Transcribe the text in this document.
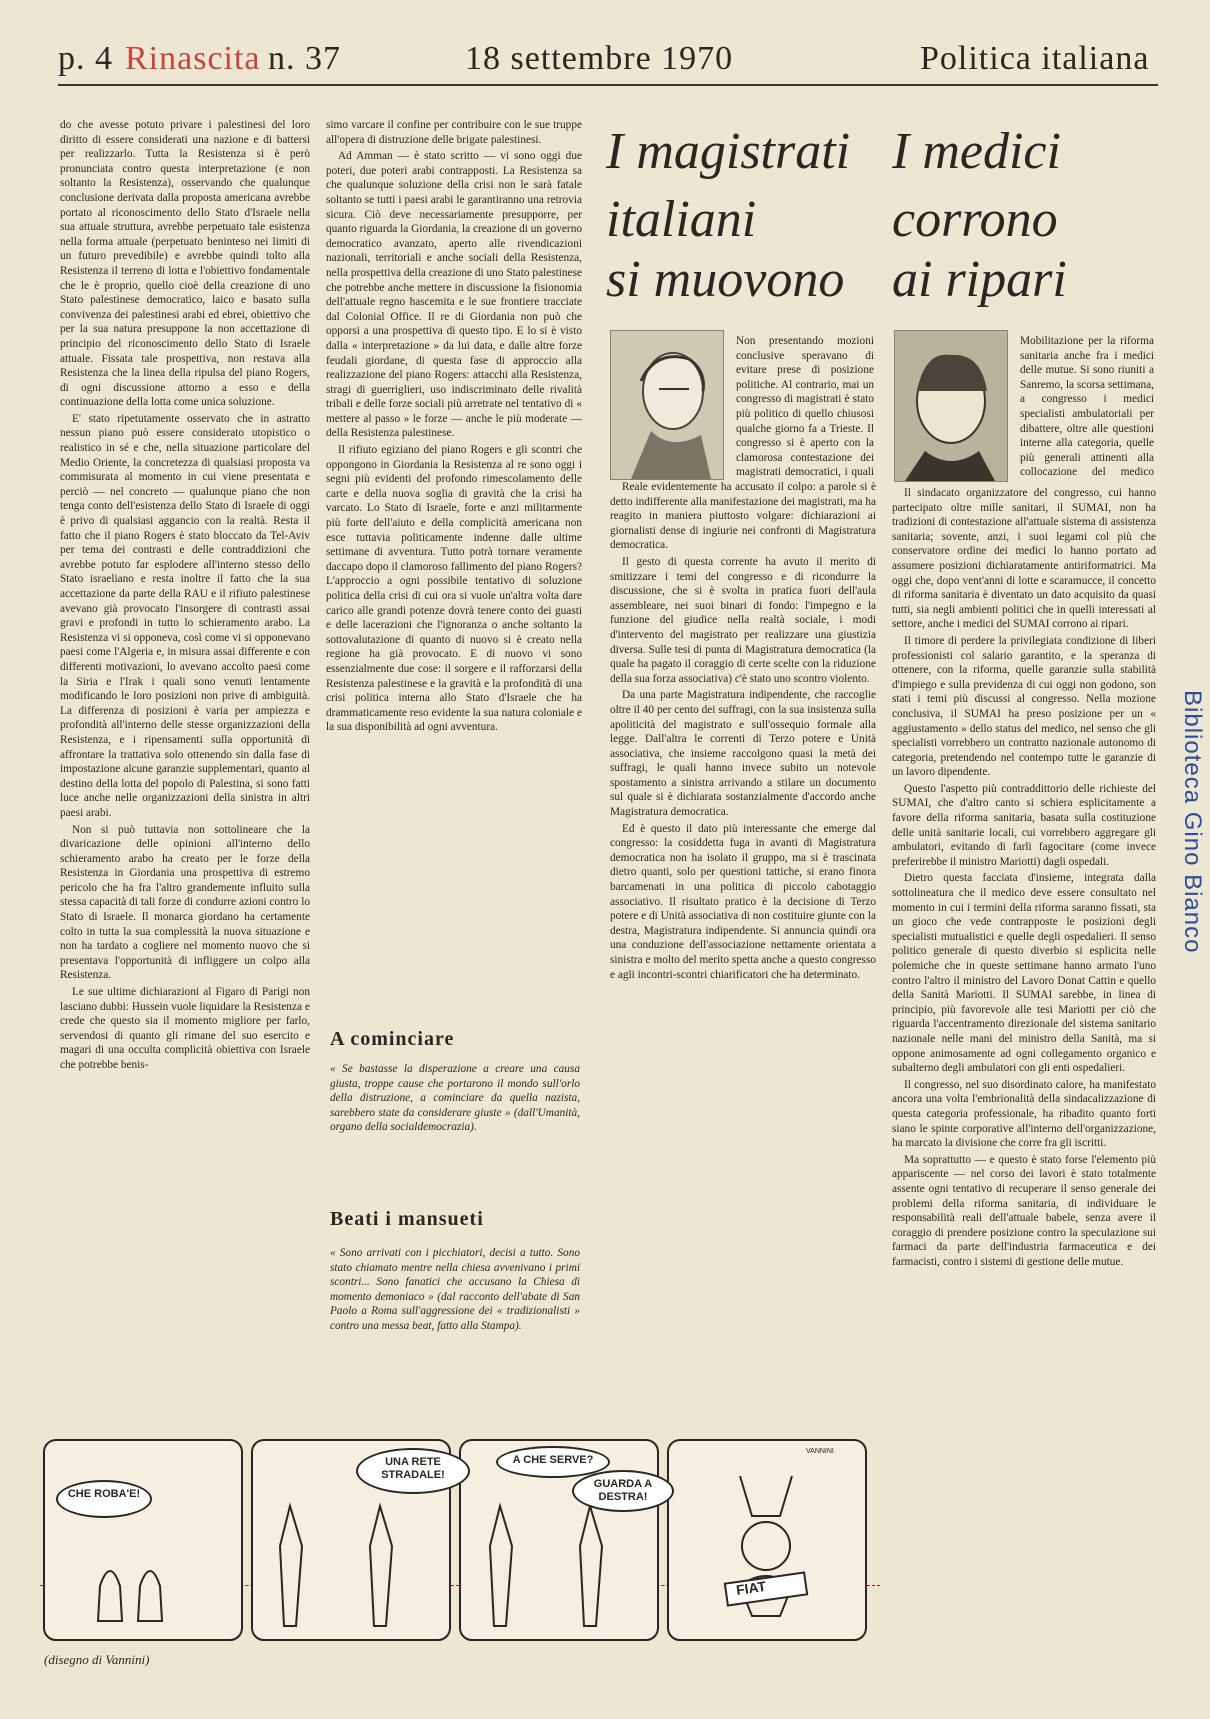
p. 4 Rinascita n. 37	18 settembre 1970	Politica italiana

do che avesse potuto privare i palestinesi del loro diritto di essere considerati una nazione e di battersi per realizzarlo. Tutta la Resistenza si è però pronunciata contro questa interpretazione (e non soltanto la Resistenza), osservando che qualunque conclusione derivata dalla proposta americana avrebbe portato al riconoscimento dello Stato d'Israele nella sua attuale struttura, avrebbe perpetuato tale esistenza nella forma attuale (perpetuato beninteso nei limiti di un futuro prevedibile) e avrebbe quindi tolto alla Resistenza il terreno di lotta e l'obiettivo fondamentale che le è proprio, quello cioè della creazione di uno Stato palestinese democratico, laico e basato sulla convivenza dei palestinesi arabi ed ebrei, obiettivo che per la sua natura presuppone la non accettazione di principio del riconoscimento dello Stato di Israele attuale. Fissata tale prospettiva, non restava alla Resistenza che la linea della ripulsa del piano Rogers, di ogni discussione attorno a esso e della continuazione della lotta come unica soluzione.

E' stato ripetutamente osservato che in astratto nessun piano può essere considerato utopistico o realistico in sé e che, nella situazione particolare del Medio Oriente, la concretezza di qualsiasi proposta va commisurata al momento in cui viene presentata e perciò — nel concreto — qualunque piano che non tenga conto dell'esistenza dello Stato di Israele di oggi è privo di qualsiasi aggancio con la realtà. Resta il fatto che il piano Rogers è stato bloccato da Tel-Aviv per tema dei contrasti e delle contraddizioni che avrebbe potuto far esplodere all'interno stesso dello Stato israeliano e resta inoltre il fatto che la sua accettazione da parte della RAU e il rifiuto palestinese avevano già provocato l'insorgere di contrasti assai gravi e profondi in tutto lo schieramento arabo. La Resistenza vi si opponeva, così come vi si opponevano paesi come l'Algeria e, in misura assai differente e con differenti motivazioni, lo avevano accolto paesi come la Siria e l'Irak i quali sono venuti lentamente modificando le loro posizioni non prive di ambiguità. La differenza di posizioni è varia per ampiezza e profondità all'interno delle stesse organizzazioni della Resistenza, e i ripensamenti sulla opportunità di affrontare la trattativa solo ottenendo sin dalla fase di impostazione alcune garanzie supplementari, quanto al destino della lotta del popolo di Palestina, si sono fatti luce anche nelle organizzazioni della sinistra in altri paesi arabi.

Non si può tuttavia non sottolineare che la divaricazione delle opinioni all'interno dello schieramento arabo ha creato per le forze della Resistenza in Giordania una prospettiva di estremo pericolo che ha fra l'altro grandemente influito sulla stessa capacità di tali forze di condurre azioni contro lo Stato di Israele. Il monarca giordano ha certamente colto in tutta la sua complessità la nuova situazione e non ha tardato a cogliere nel momento nuovo che si presentava l'opportunità di infliggere un colpo alla Resistenza.

Le sue ultime dichiarazioni al Figaro di Parigi non lasciano dubbi: Hussein vuole liquidare la Resistenza e crede che questo sia il momento migliore per farlo, servendosi di quanto gli rimane del suo esercito e magari di una occulta complicità obiettiva con Israele che potrebbe benis-

simo varcare il confine per contribuire con le sue truppe all'opera di distruzione delle brigate palestinesi.

Ad Amman — è stato scritto — vi sono oggi due poteri, due poteri arabi contrapposti. La Resistenza sa che qualunque soluzione della crisi non le sarà fatale soltanto se tutti i paesi arabi le garantiranno una retrovia sicura. Ciò deve necessariamente presupporre, per quanto riguarda la Giordania, la creazione di un governo democratico avanzato, aperto alle rivendicazioni nazionali, territoriali e anche sociali della Resistenza, nella prospettiva della creazione di uno Stato palestinese che potrebbe anche mettere in discussione la fisionomia dell'attuale regno hascemita e le sue frontiere tracciate dal Colonial Office. Il re di Giordania non può che opporsi a una prospettiva di questo tipo. E lo si è visto dalla « interpretazione » da lui data, e dalle altre forze feudali giordane, di questa fase di approccio alla realizzazione del piano Rogers: attacchi alla Resistenza, stragi di guerriglieri, uso indiscriminato delle rivalità tribali e delle forze sociali più arretrate nel tentativo di « mettere al passo » le forze — anche le più moderate — della Resistenza palestinese.

Il rifiuto egiziano del piano Rogers e gli scontri che oppongono in Giordania la Resistenza al re sono oggi i segni più evidenti del profondo rimescolamento delle carte e della nuova soglia di gravità che la crisi ha varcato. Lo Stato di Israele, forte e anzi militarmente più forte dell'aiuto e della complicità americana non esce tuttavia politicamente indenne dalle ultime settimane di avventura. Tutto potrà tornare veramente daccapo dopo il clamoroso fallimento del piano Rogers? L'approccio a ogni possibile tentativo di soluzione politica della crisi di cui ora si vuole un'altra volta dare carico alle grandi potenze dovrà tenere conto dei guasti e delle lacerazioni che l'ignoranza o anche soltanto la sottovalutazione di quanto di nuovo si è creato nella regione ha già provocato. E di nuovo vi sono essenzialmente due cose: il sorgere e il rafforzarsi della Resistenza palestinese e la gravità e la profondità di una crisi politica interna allo Stato d'Israele che ha drammaticamente reso evidente la sua natura coloniale e la sua disponibilità ad ogni avventura.

A cominciare
« Se bastasse la disperazione a creare una causa giusta, troppe cause che portarono il mondo sull'orlo della distruzione, a cominciare da quella nazista, sarebbero state da considerare giuste » (dall'Umanità, organo della socialdemocrazia).
Beati i mansueti
« Sono arrivati con i picchiatori, decisi a tutto. Sono stato chiamato mentre nella chiesa avvenivano i primi scontri... Sono fanatici che accusano la Chiesa di momento demoniaco » (dal racconto dell'abate di San Paolo a Roma sull'aggressione dei « tradizionalisti » contro una messa beat, fatto alla Stampa).
I magistrati
italiani
si muovono
I medici
corrono
ai ripari

Non presentando mozioni conclusive speravano di evitare prese di posizione politiche. Al contrario, mai un congresso di magistrati è stato più politico di quello chiusosi qualche giorno fa a Trieste. Il congresso si è aperto con la clamorosa contestazione dei magistrati democratici, i quali

Reale evidentemente ha accusato il colpo: a parole si è detto indifferente alla manifestazione dei magistrati, ma ha reagito in maniera piuttosto volgare: dichiarazioni ai giornalisti dense di ingiurie nei confronti di Magistratura democratica.

Il gesto di questa corrente ha avuto il merito di smitizzare i temi del congresso e di ricondurre la discussione, che si è svolta in pratica fuori dell'aula assembleare, nei suoi binari di fondo: l'impegno e la funzione del giudice nella realtà sociale, i modi d'intervento del magistrato per realizzare una giustizia diversa. Sulle tesi di punta di Magistratura democratica (la quale ha pagato il coraggio di certe scelte con la riduzione della sua forza associativa) c'è stato uno scontro violento.

Da una parte Magistratura indipendente, che raccoglie oltre il 40 per cento dei suffragi, con la sua insistenza sulla apoliticità del magistrato e sull'ossequio formale alla legge. Dall'altra le correnti di Terzo potere e Unità associativa, che insieme raccolgono quasi la metà dei suffragi, le quali hanno invece subito un notevole spostamento a sinistra arrivando a stilare un documento sul quale si è dichiarata sostanzialmente d'accordo anche Magistratura democratica.

Ed è questo il dato più interessante che emerge dal congresso: la cosiddetta fuga in avanti di Magistratura democratica non ha isolato il gruppo, ma si è trascinata dietro quanti, solo per questioni tattiche, si erano finora barcamenati in una politica di piccolo cabotaggio associativo. Il risultato pratico è la decisione di Terzo potere e di Unità associativa di non costituire giunte con la destra, Magistratura indipendente. Si annuncia quindi ora una conduzione dell'associazione nettamente orientata a sinistra e molto del merito spetta anche a questo congresso e agli incontri-scontri chiarificatori che ha determinato.

Mobilitazione per la riforma sanitaria anche fra i medici delle mutue. Si sono riuniti a Sanremo, la scorsa settimana, a congresso i medici specialisti ambulatoriali per dibattere, oltre alle questioni interne alla categoria, quelle più generali attinenti alla collocazione del medico

Il sindacato organizzatore del congresso, cui hanno partecipato oltre mille sanitari, il SUMAI, non ha tradizioni di contestazione all'attuale sistema di assistenza sanitaria; sovente, anzi, i suoi legami col più che conservatore ordine dei medici lo hanno portato ad assumere posizioni dichiaratamente antiriformatrici. Ma oggi che, dopo vent'anni di lotte e scaramucce, il concetto di riforma sanitaria è diventato un dato acquisito da quasi tutti, sia negli ambienti politici che in quelli interessati al settore, anche i medici del SUMAI corrono ai ripari.

Il timore di perdere la privilegiata condizione di liberi professionisti col salario garantito, e la speranza di ottenere, con la riforma, quelle garanzie sulla stabilità d'impiego e sulla previdenza di cui oggi non godono, son stati i temi più discussi al congresso. Nella mozione conclusiva, il SUMAI ha preso posizione per un « aggiustamento » dello status del medico, nel senso che gli specialisti vorrebbero un contratto nazionale autonomo di categoria, pretendendo nel contempo tutte le garanzie di un lavoro dipendente.

Questo l'aspetto più contraddittorio delle richieste del SUMAI, che d'altro canto si schiera esplicitamente a favore della riforma sanitaria, basata sulla costituzione delle unità sanitarie locali, cui vorrebbero aggregare gli ambulatori, evitando di farli fagocitare (come invece preferirebbe il ministro Mariotti) dagli ospedali.

Dietro questa facciata d'insieme, integrata dalla sottolineatura che il medico deve essere consultato nel momento in cui i termini della riforma saranno fissati, sta un gioco che vede contrapposte le posizioni degli specialisti mutualistici e quelle degli ospedalieri. Il senso politico generale di questo diverbio si esplicita nelle polemiche che in queste settimane hanno armato l'uno contro l'altro il ministro del Lavoro Donat Cattin e quello della Sanità Mariotti. Il SUMAI sarebbe, in linea di principio, più favorevole alle tesi Mariotti per ciò che riguarda l'accentramento direzionale del sistema sanitario nazionale nelle mani del ministro della Sanità, ma si oppone animosamente ad ogni collegamento organico e subalterno degli ambulatori con gli enti ospedalieri.

Il congresso, nel suo disordinato calore, ha manifestato ancora una volta l'embrionalità della sindacalizzazione di questa categoria professionale, ha ribadito quanto forti siano le spinte corporative all'interno dell'organizzazione, ha marcato la divisione che corre fra gli iscritti.

Ma soprattutto — e questo è stato forse l'elemento più appariscente — nel corso dei lavori è stato totalmente assente ogni tentativo di recuperare il senso generale dei problemi della riforma sanitaria, di individuare le responsabilità reali dell'attuale babele, senza avere il coraggio di prendere posizione contro la speculazione sui farmaci da parte dell'industria farmaceutica e dei farmacisti, contro i sistemi di gestione delle mutue.

Biblioteca Gino Bianco
CHE ROBA'E!
UNA RETE STRADALE!
A CHE SERVE?
GUARDA A DESTRA!
FIAT
VANNINI
(disegno di Vannini)
